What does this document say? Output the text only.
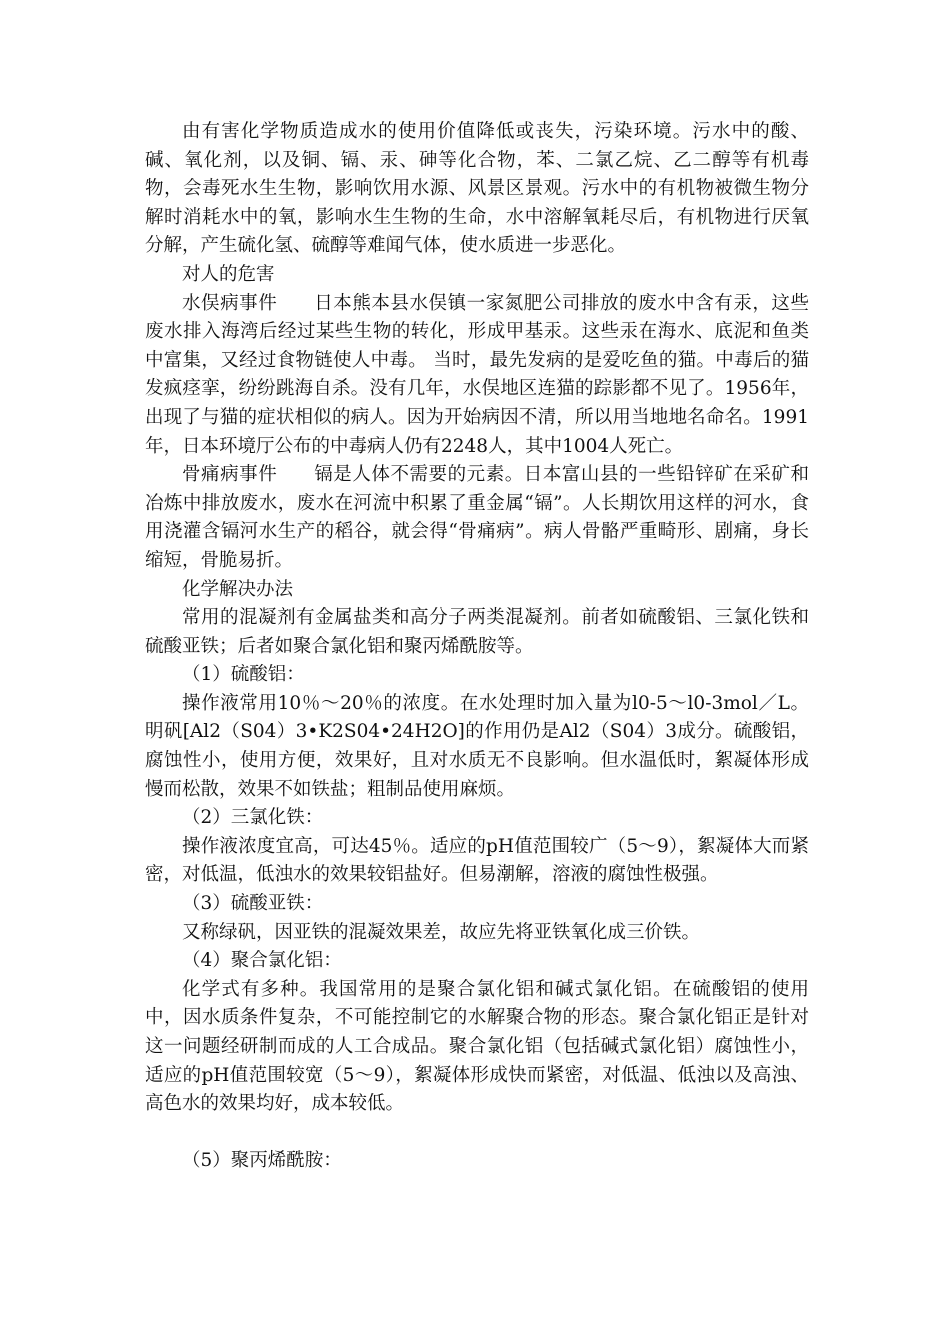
由有害化学物质造成水的使用价值降低或丧失，污染环境。污水中的酸、碱、氧化剂，以及铜、镉、汞、砷等化合物，苯、二氯乙烷、乙二醇等有机毒物，会毒死水生生物，影响饮用水源、风景区景观。污水中的有机物被微生物分解时消耗水中的氧，影响水生生物的生命，水中溶解氧耗尽后，有机物进行厌氧分解，产生硫化氢、硫醇等难闻气体，使水质进一步恶化。

对人的危害

水俣病事件 日本熊本县水俣镇一家氮肥公司排放的废水中含有汞，这些废水排入海湾后经过某些生物的转化，形成甲基汞。这些汞在海水、底泥和鱼类中富集，又经过食物链使人中毒。 当时，最先发病的是爱吃鱼的猫。中毒后的猫发疯痉挛，纷纷跳海自杀。没有几年，水俣地区连猫的踪影都不见了。1956年，出现了与猫的症状相似的病人。因为开始病因不清，所以用当地地名命名。1991年，日本环境厅公布的中毒病人仍有2248人，其中1004人死亡。

骨痛病事件 镉是人体不需要的元素。日本富山县的一些铅锌矿在采矿和冶炼中排放废水，废水在河流中积累了重金属“镉”。人长期饮用这样的河水，食用浇灌含镉河水生产的稻谷，就会得“骨痛病”。病人骨骼严重畸形、剧痛，身长缩短，骨脆易折。

化学解决办法

常用的混凝剂有金属盐类和高分子两类混凝剂。前者如硫酸铝、三氯化铁和硫酸亚铁；后者如聚合氯化铝和聚丙烯酰胺等。

（1）硫酸铝：

操作液常用10％～20％的浓度。在水处理时加入量为l0-5～l0-3mol／L。明矾[Al2（S04）3•K2S04•24H2O]的作用仍是Al2（S04）3成分。硫酸铝，腐蚀性小，使用方便，效果好，且对水质无不良影响。但水温低时，絮凝体形成慢而松散，效果不如铁盐；粗制品使用麻烦。

（2）三氯化铁：

操作液浓度宜高，可达45％。适应的pH值范围较广（5～9），絮凝体大而紧密，对低温，低浊水的效果较铝盐好。但易潮解，溶液的腐蚀性极强。

（3）硫酸亚铁：

又称绿矾，因亚铁的混凝效果差，故应先将亚铁氧化成三价铁。

（4）聚合氯化铝：

化学式有多种。我国常用的是聚合氯化铝和碱式氯化铝。在硫酸铝的使用中，因水质条件复杂，不可能控制它的水解聚合物的形态。聚合氯化铝正是针对这一问题经研制而成的人工合成品。聚合氯化铝（包括碱式氯化铝）腐蚀性小，适应的pH值范围较宽（5～9），絮凝体形成快而紧密，对低温、低浊以及高浊、高色水的效果均好，成本较低。

（5）聚丙烯酰胺：
